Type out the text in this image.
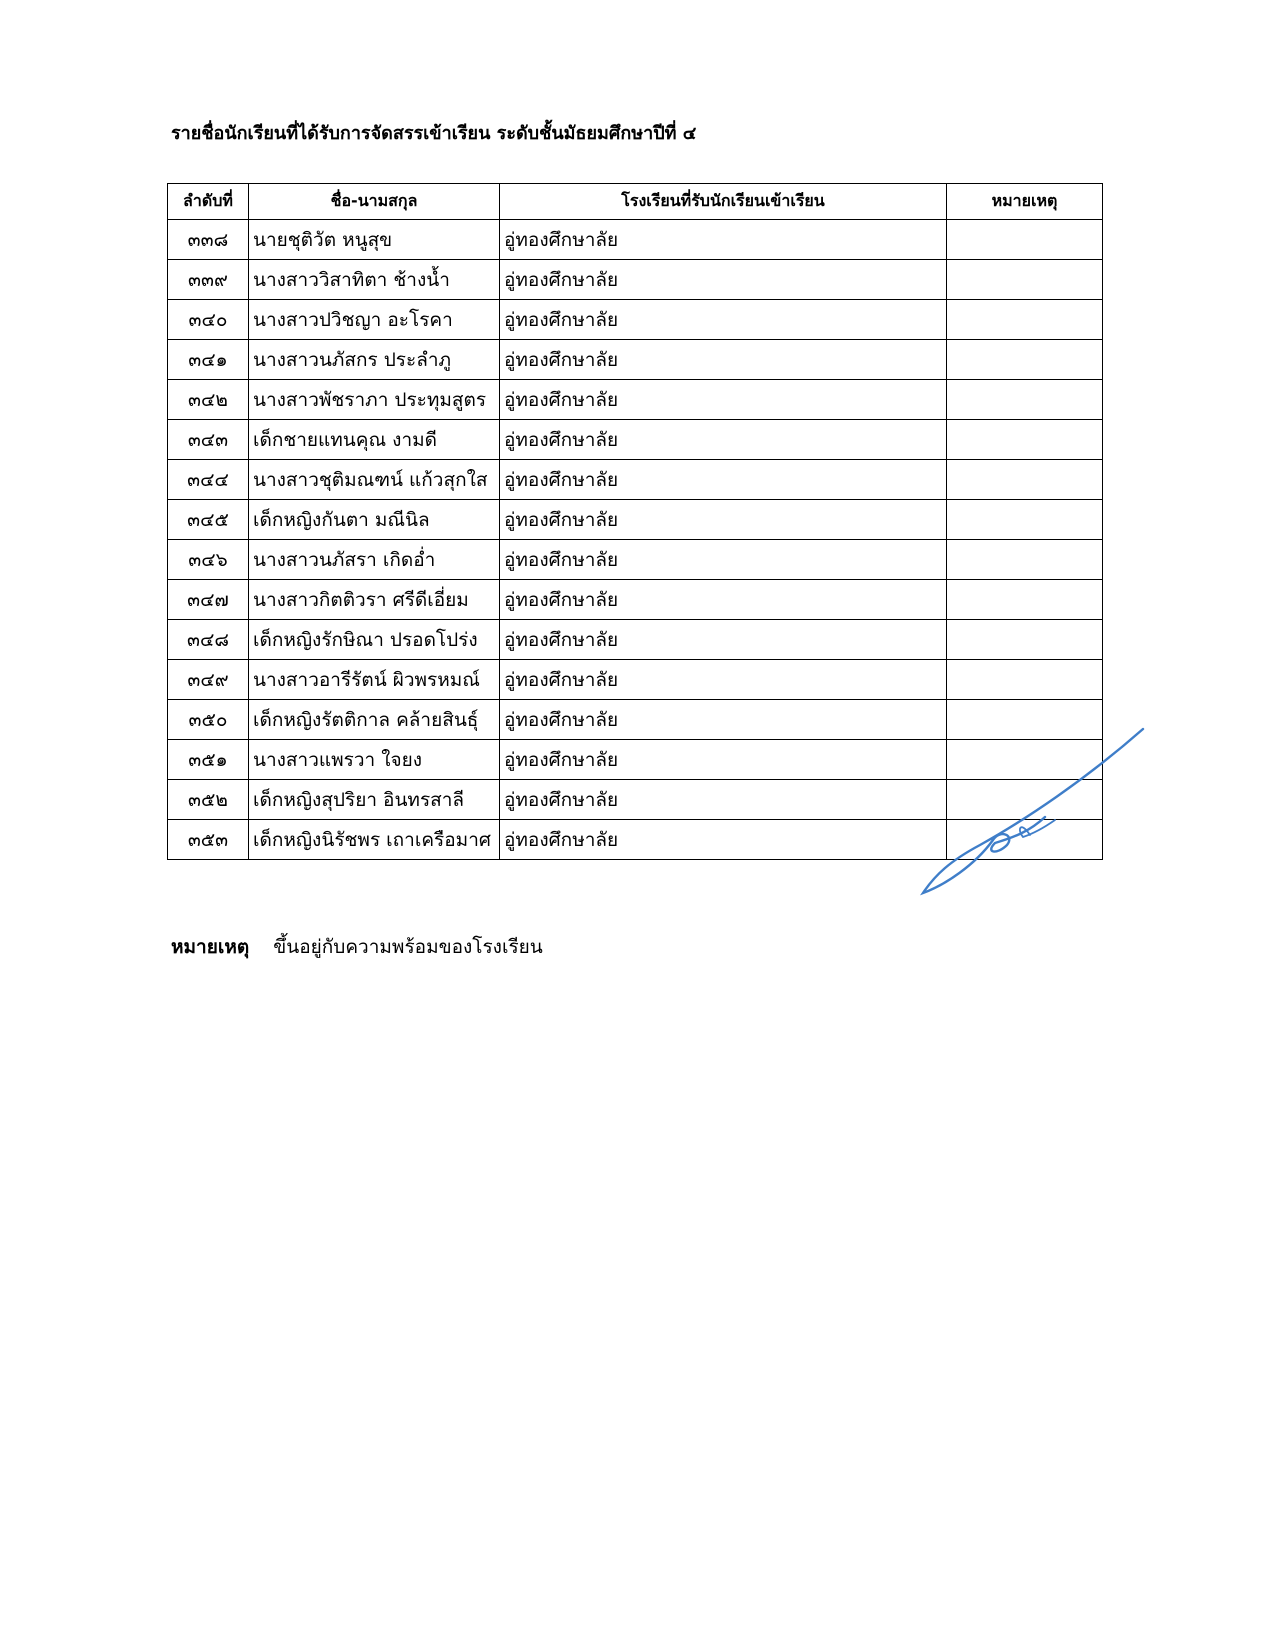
รายชื่อนักเรียนที่ได้รับการจัดสรรเข้าเรียน ระดับชั้นมัธยมศึกษาปีที่ ๔
ลำดับที่	ชื่อ-นามสกุล	โรงเรียนที่รับนักเรียนเข้าเรียน	หมายเหตุ
๓๓๘	นายชุติวัต หนูสุข	อู่ทองศึกษาลัย	
๓๓๙	นางสาววิสาทิตา ช้างน้ำ	อู่ทองศึกษาลัย	
๓๔๐	นางสาวปวิชญา อะโรคา	อู่ทองศึกษาลัย	
๓๔๑	นางสาวนภัสกร ประลำภู	อู่ทองศึกษาลัย	
๓๔๒	นางสาวพัชราภา ประทุมสูตร	อู่ทองศึกษาลัย	
๓๔๓	เด็กชายแทนคุณ งามดี	อู่ทองศึกษาลัย	
๓๔๔	นางสาวชุติมณฑน์ แก้วสุกใส	อู่ทองศึกษาลัย	
๓๔๕	เด็กหญิงกันตา มณีนิล	อู่ทองศึกษาลัย	
๓๔๖	นางสาวนภัสรา เกิดอ่ำ	อู่ทองศึกษาลัย	
๓๔๗	นางสาวกิตติวรา ศรีดีเอี่ยม	อู่ทองศึกษาลัย	
๓๔๘	เด็กหญิงรักษิณา ปรอดโปร่ง	อู่ทองศึกษาลัย	
๓๔๙	นางสาวอารีรัตน์ ผิวพรหมณ์	อู่ทองศึกษาลัย	
๓๕๐	เด็กหญิงรัตติกาล คล้ายสินธุ์	อู่ทองศึกษาลัย	
๓๕๑	นางสาวแพรวา ใจยง	อู่ทองศึกษาลัย	
๓๕๒	เด็กหญิงสุปริยา อินทรสาลี	อู่ทองศึกษาลัย	
๓๕๓	เด็กหญิงนิรัชพร เถาเครือมาศ	อู่ทองศึกษาลัย	
หมายเหตุ ขึ้นอยู่กับความพร้อมของโรงเรียน
